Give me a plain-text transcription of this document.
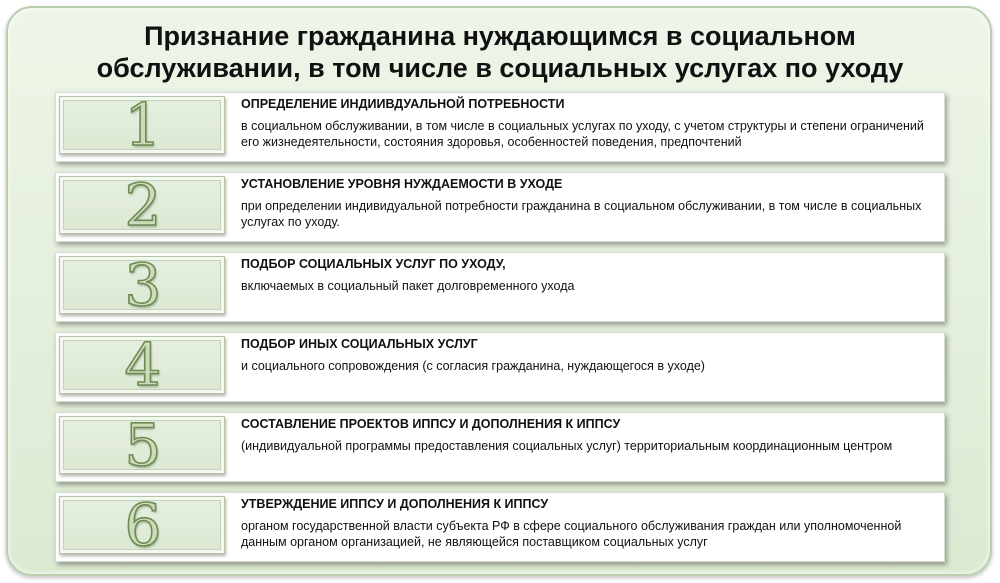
Признание гражданина нуждающимся в социальном
обслуживании, в том числе в социальных услугах по уходу
1	ОПРЕДЕЛЕНИЕ ИНДИИВДУАЛЬНОЙ ПОТРЕБНОСТИ

в социальном обслуживании, в том числе в социальных услугах по уходу, с учетом структуры и степени ограничений его жизнедеятельности, состояния здоровья, особенностей поведения, предпочтений

2	УСТАНОВЛЕНИЕ УРОВНЯ НУЖДАЕМОСТИ В УХОДЕ

при определении индивидуальной потребности гражданина в социальном обслуживании, в том числе в социальных услугах по уходу.

3	ПОДБОР СОЦИАЛЬНЫХ УСЛУГ ПО УХОДУ,

включаемых в социальный пакет долговременного ухода

4	ПОДБОР ИНЫХ СОЦИАЛЬНЫХ УСЛУГ

и социального сопровождения (с согласия гражданина, нуждающегося в уходе)

5	СОСТАВЛЕНИЕ ПРОЕКТОВ ИППСУ И ДОПОЛНЕНИЯ К ИППСУ

(индивидуальной программы предоставления социальных услуг) территориальным координационным центром

6	УТВЕРЖДЕНИЕ ИППСУ И ДОПОЛНЕНИЯ К ИППСУ

органом государственной власти субъекта РФ в сфере социального обслуживания граждан или уполномоченной данным органом организацией, не являющейся поставщиком социальных услуг
